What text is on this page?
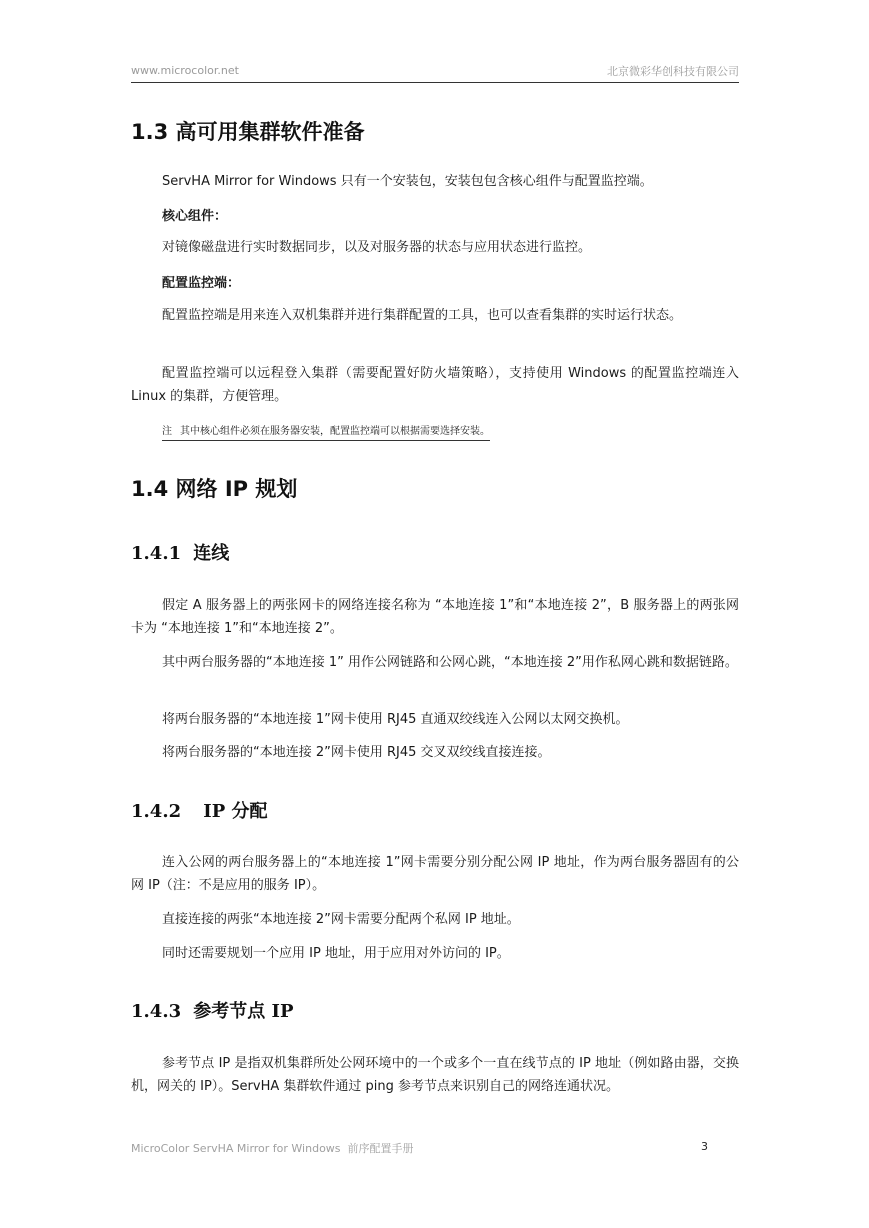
www.microcolor.net	北京微彩华创科技有限公司
1.3 高可用集群软件准备

ServHA Mirror for Windows 只有一个安装包，安装包包含核心组件与配置监控端。

核心组件：

对镜像磁盘进行实时数据同步，以及对服务器的状态与应用状态进行监控。

配置监控端：

配置监控端是用来连入双机集群并进行集群配置的工具，也可以查看集群的实时运行状态。

配置监控端可以远程登入集群（需要配置好防火墙策略），支持使用 Windows 的配置监控端连入 Linux 的集群，方便管理。

注 其中核心组件必须在服务器安装，配置监控端可以根据需要选择安装。
1.4 网络 IP 规划
1.4.1 连线

假定 A 服务器上的两张网卡的网络连接名称为 “本地连接 1”和“本地连接 2”，B 服务器上的两张网卡为 “本地连接 1”和“本地连接 2”。

其中两台服务器的“本地连接 1” 用作公网链路和公网心跳，“本地连接 2”用作私网心跳和数据链路。

将两台服务器的“本地连接 1”网卡使用 RJ45 直通双绞线连入公网以太网交换机。

将两台服务器的“本地连接 2”网卡使用 RJ45 交叉双绞线直接连接。

1.4.2 IP 分配

连入公网的两台服务器上的“本地连接 1”网卡需要分别分配公网 IP 地址，作为两台服务器固有的公网 IP（注：不是应用的服务 IP）。

直接连接的两张“本地连接 2”网卡需要分配两个私网 IP 地址。

同时还需要规划一个应用 IP 地址，用于应用对外访问的 IP。

1.4.3 参考节点 IP

参考节点 IP 是指双机集群所处公网环境中的一个或多个一直在线节点的 IP 地址（例如路由器，交换机，网关的 IP）。ServHA 集群软件通过 ping 参考节点来识别自己的网络连通状况。

MicroColor ServHA Mirror for Windows  前序配置手册	3
